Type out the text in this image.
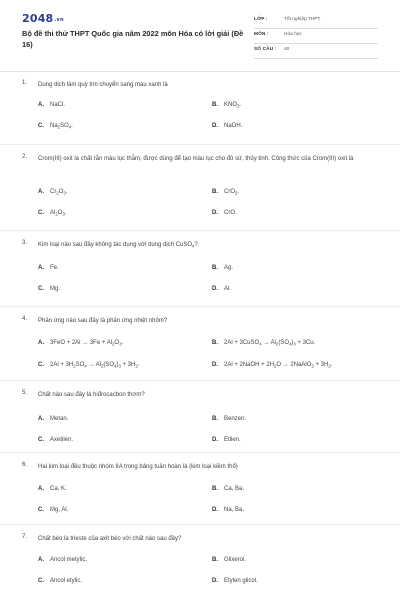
2048.vn
Bộ đề thi thử THPT Quốc gia năm 2022 môn Hóa có lời giải (Đề 16)
LỚP :	Tốt nghiệp THPT
MÔN :	Hóa học
SỐ CÂU : 40
1. Dung dịch làm quỳ tím chuyển sang màu xanh là
A. NaCl.	B. $KNO_3$.
C. $Na_2SO_4$.	D. NaOH.
2. Crom(III) oxit là chất rắn màu lục thẫm, được dùng để tạo màu lục cho đồ sứ, thủy tinh. Công thức của Crom(III) oxit là
A. $Cr_2O_3$.	B. CrO$_3$.
C. $Al_2O_3$.	D. CrO.
3. Kim loại nào sau đây không tác dụng với dung dịch CuSO$_4$?
A. Fe.	B. Ag.
C. Mg.	D. Al.
4. Phản ứng nào sau đây là phản ứng nhiệt nhôm?
A. $3FeO + 2Al \to 3Fe + Al_2O_3$.	B. 2Al + 3CuSO$_4$ → $Al_2(SO_4)_3 + 3Cu$.
C. $2Al + 3H_2SO_4 \to Al_2(SO_4)_3 + 3H_2$.	D. 2Al + 2NaOH + $2H_2O$ → 2NaAlO$_2$ + $3H_2$.
5. Chất nào sau đây là hiđrocacbon thơm?
A. Metan.	B. Benzen.
C. Axetilen.	D. Etilen.
6. Hai kim loại đều thuộc nhóm IIA trong bảng tuần hoàn là (kim loại kiềm thổ)
A. Ca, K.	B. Ca, Ba.
C. Mg, Al.	D. Na, Ba.
7. Chất béo là trieste của axit béo với chất nào sau đây?
A. Ancol metylic.	B. Glixerol.
C. Ancol etylic.	D. Etylen glicol.
